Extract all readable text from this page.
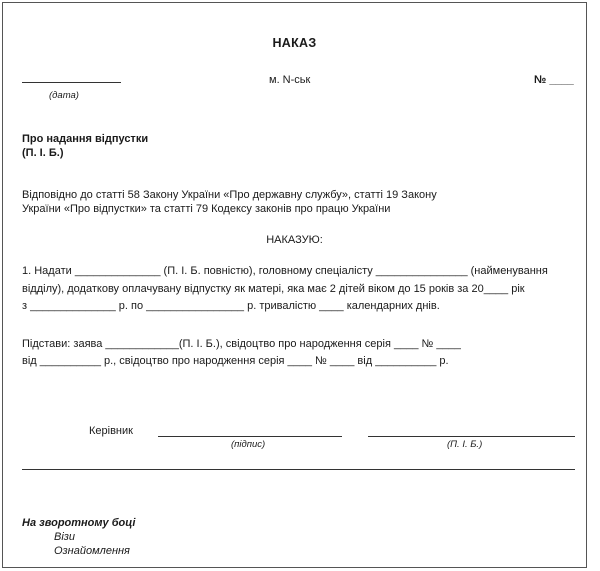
НАКАЗ
(дата)
м. N-ськ	№ ____
Про надання відпустки
(П. І. Б.)
Відповідно до статті 58 Закону України «Про державну службу», статті 19 Закону
України «Про відпустки» та статті 79 Кодексу законів про працю України
НАКАЗУЮ:
1. Надати ______________ (П. І. Б. повністю), головному спеціалісту _______________ (найменування
відділу), додаткову оплачувану відпустку як матері, яка має 2 дітей віком до 15 років за 20____ рік
з ______________ р. по ________________ р. тривалістю ____ календарних днів.
Підстави: заява ____________(П. І. Б.), свідоцтво про народження серія ____ № ____
від __________ р., свідоцтво про народження серія ____ № ____ від __________ р.
Керівник
(підпис)	(П. І. Б.)
На зворотному боці
Візи
Ознайомлення
